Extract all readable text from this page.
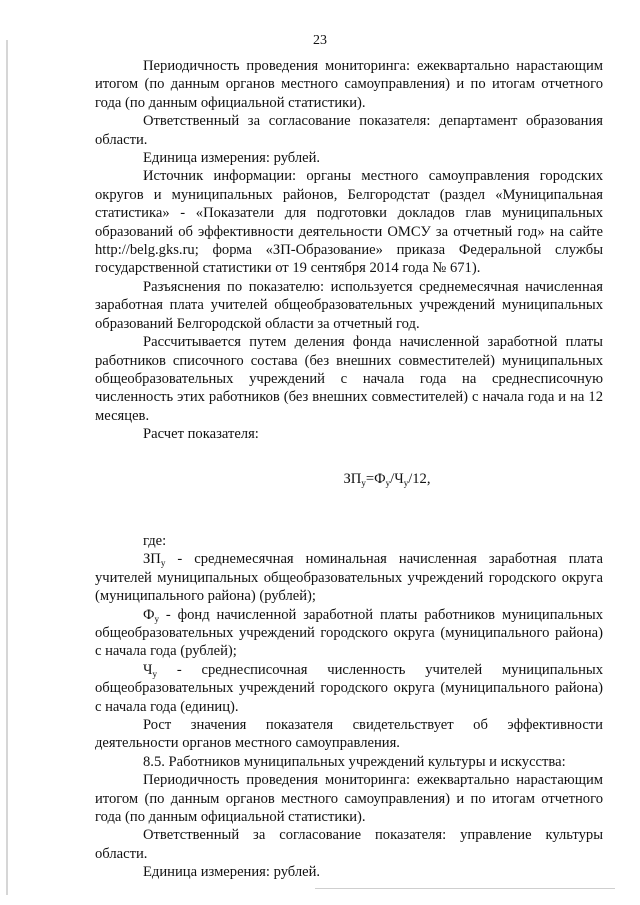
23

Периодичность проведения мониторинга: ежеквартально нарастающим итогом (по данным органов местного самоуправления) и по итогам отчетного года (по данным официальной статистики).

Ответственный за согласование показателя: департамент образования области.

Единица измерения: рублей.

Источник информации: органы местного самоуправления городских округов и муниципальных районов, Белгородстат (раздел «Муниципальная статистика» - «Показатели для подготовки докладов глав муниципальных образований об эффективности деятельности ОМСУ за отчетный год» на сайте http://belg.gks.ru; форма «ЗП-Образование» приказа Федеральной службы государственной статистики от 19 сентября 2014 года № 671).

Разъяснения по показателю: используется среднемесячная начисленная заработная плата учителей общеобразовательных учреждений муниципальных образований Белгородской области за отчетный год.

Рассчитывается путем деления фонда начисленной заработной платы работников списочного состава (без внешних совместителей) муниципальных общеобразовательных учреждений с начала года на среднесписочную численность этих работников (без внешних совместителей) с начала года и на 12 месяцев.

Расчет показателя:

$ЗП_у=Ф_у/Ч_у/12$,

где:

$ЗП_у$ - среднемесячная номинальная начисленная заработная плата учителей муниципальных общеобразовательных учреждений городского округа (муниципального района) (рублей);

$Ф_у$ - фонд начисленной заработной платы работников муниципальных общеобразовательных учреждений городского округа (муниципального района) с начала года (рублей);

$Ч_у$ - среднесписочная численность учителей муниципальных общеобразовательных учреждений городского округа (муниципального района) с начала года (единиц).

Рост значения показателя свидетельствует об эффективности деятельности органов местного самоуправления.

8.5. Работников муниципальных учреждений культуры и искусства:

Периодичность проведения мониторинга: ежеквартально нарастающим итогом (по данным органов местного самоуправления) и по итогам отчетного года (по данным официальной статистики).

Ответственный за согласование показателя: управление культуры области.

Единица измерения: рублей.
